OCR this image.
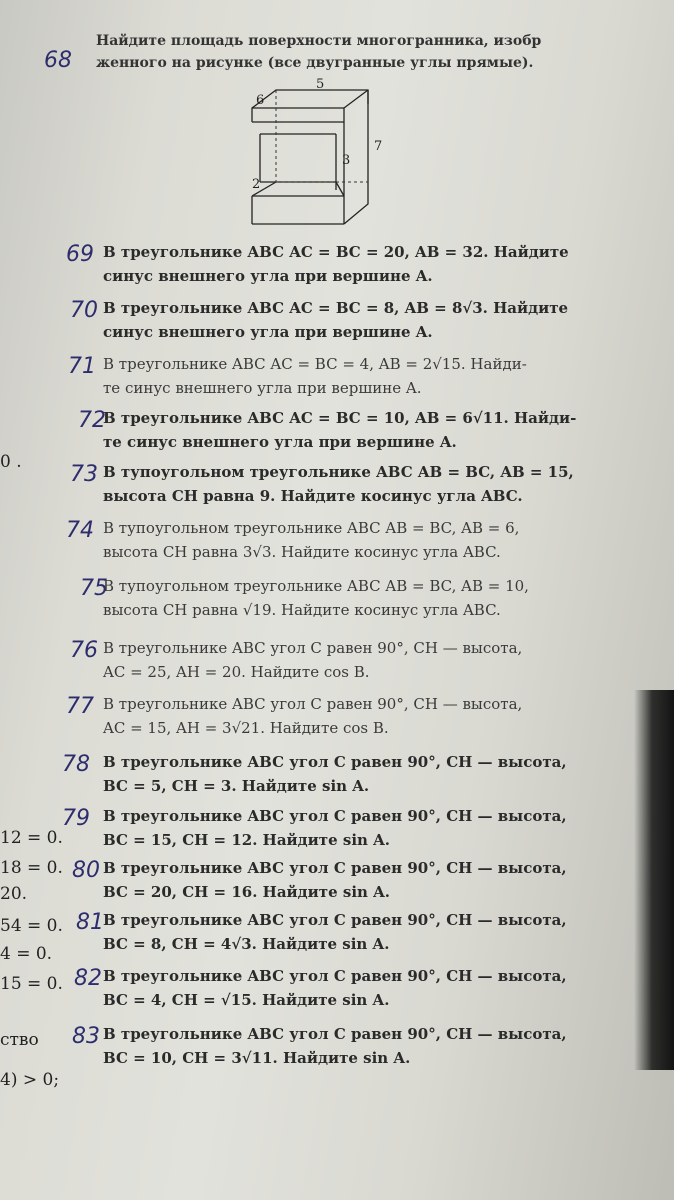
68
Найдите площадь поверхности многогранника, изобр
женного на рисунке (все двугранные углы прямые).
5
6
7
3
2
69 В треугольнике ABC AC = BC = 20, AB = 32. Найдите
синус внешнего угла при вершине A.
70 В треугольнике ABC AC = BC = 8, AB = 8√3. Найдите
синус внешнего угла при вершине A.
71 В треугольнике ABC AC = BC = 4, AB = 2√15. Найди-
те синус внешнего угла при вершине A.
72
В треугольнике ABC AC = BC = 10, AB = 6√11. Найди-
те синус внешнего угла при вершине A.
73 В тупоугольном треугольнике ABC AB = BC, AB = 15,
высота CH равна 9. Найдите косинус угла ABC.
74 В тупоугольном треугольнике ABC AB = BC, AB = 6,
высота CH равна 3√3. Найдите косинус угла ABC.
75
В тупоугольном треугольнике ABC AB = BC, AB = 10,
высота CH равна √19. Найдите косинус угла ABC.
76 В треугольнике ABC угол C равен 90°, CH — высота,
AC = 25, AH = 20. Найдите cos B.
77 В треугольнике ABC угол C равен 90°, CH — высота,
AC = 15, AH = 3√21. Найдите cos B.
78 В треугольнике ABC угол C равен 90°, CH — высота,
BC = 5, CH = 3. Найдите sin A.
79 В треугольнике ABC угол C равен 90°, CH — высота,
BC = 15, CH = 12. Найдите sin A.
80 В треугольнике ABC угол C равен 90°, CH — высота,
BC = 20, CH = 16. Найдите sin A.
81 В треугольнике ABC угол C равен 90°, CH — высота,
BC = 8, CH = 4√3. Найдите sin A.
82 В треугольнике ABC угол C равен 90°, CH — высота,
BC = 4, CH = √15. Найдите sin A.
83 В треугольнике ABC угол C равен 90°, CH — высота,
BC = 10, CH = 3√11. Найдите sin A.
0 .
12 = 0.
18 = 0.
20.
54 = 0.
4 = 0.
15 = 0.
ство
4) > 0;
